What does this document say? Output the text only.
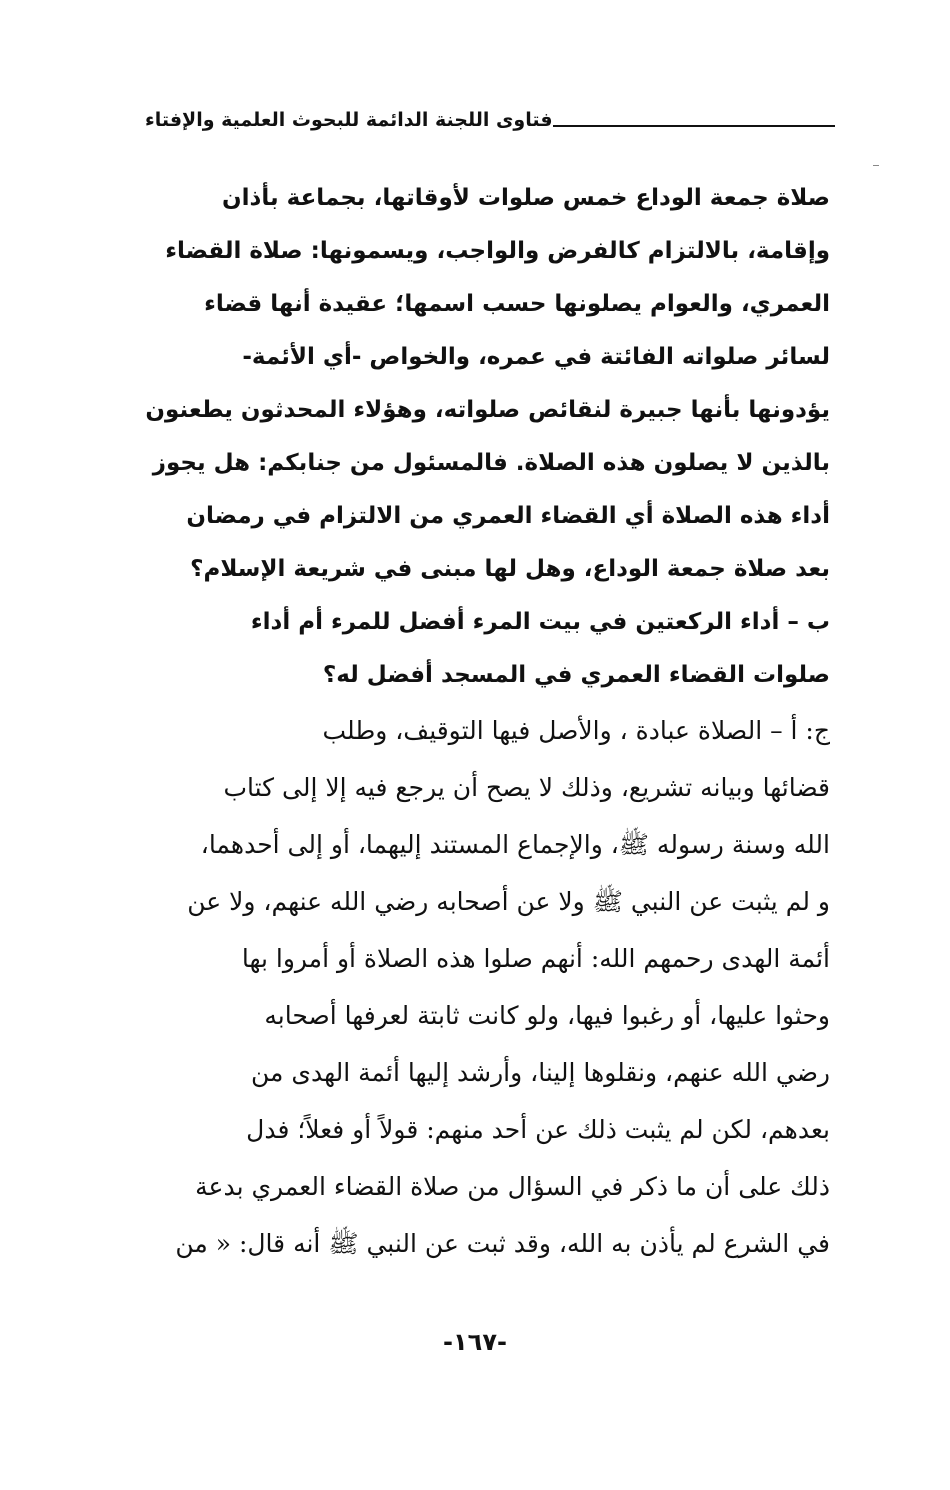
فتاوى اللجنة الدائمة للبحوث العلمية والإفتاء
صلاة جمعة الوداع خمس صلوات لأوقاتها، بجماعة بأذان
وإقامة، بالالتزام كالفرض والواجب، ويسمونها: صلاة القضاء
العمري، والعوام يصلونها حسب اسمها؛ عقيدة أنها قضاء
لسائر صلواته الفائتة في عمره، والخواص -أي الأئمة-
يؤدونها بأنها جبيرة لنقائص صلواته، وهؤلاء المحدثون يطعنون
بالذين لا يصلون هذه الصلاة. فالمسئول من جنابكم: هل يجوز
أداء هذه الصلاة أي القضاء العمري من الالتزام في رمضان
بعد صلاة جمعة الوداع، وهل لها مبنى في شريعة الإسلام؟
ب – أداء الركعتين في بيت المرء أفضل للمرء أم أداء
صلوات القضاء العمري في المسجد أفضل له؟
ج: أ – الصلاة عبادة ، والأصل فيها التوقيف، وطلب
قضائها وبيانه تشريع، وذلك لا يصح أن يرجع فيه إلا إلى كتاب
الله وسنة رسوله ﷺ، والإجماع المستند إليهما، أو إلى أحدهما،
و لم يثبت عن النبي ﷺ ولا عن أصحابه رضي الله عنهم، ولا عن
أئمة الهدى رحمهم الله: أنهم صلوا هذه الصلاة أو أمروا بها
وحثوا عليها، أو رغبوا فيها، ولو كانت ثابتة لعرفها أصحابه
رضي الله عنهم، ونقلوها إلينا، وأرشد إليها أئمة الهدى من
بعدهم، لكن لم يثبت ذلك عن أحد منهم: قولاً أو فعلاً؛ فدل
ذلك على أن ما ذكر في السؤال من صلاة القضاء العمري بدعة
في الشرع لم يأذن به الله، وقد ثبت عن النبي ﷺ أنه قال: « من
-١٦٧-
